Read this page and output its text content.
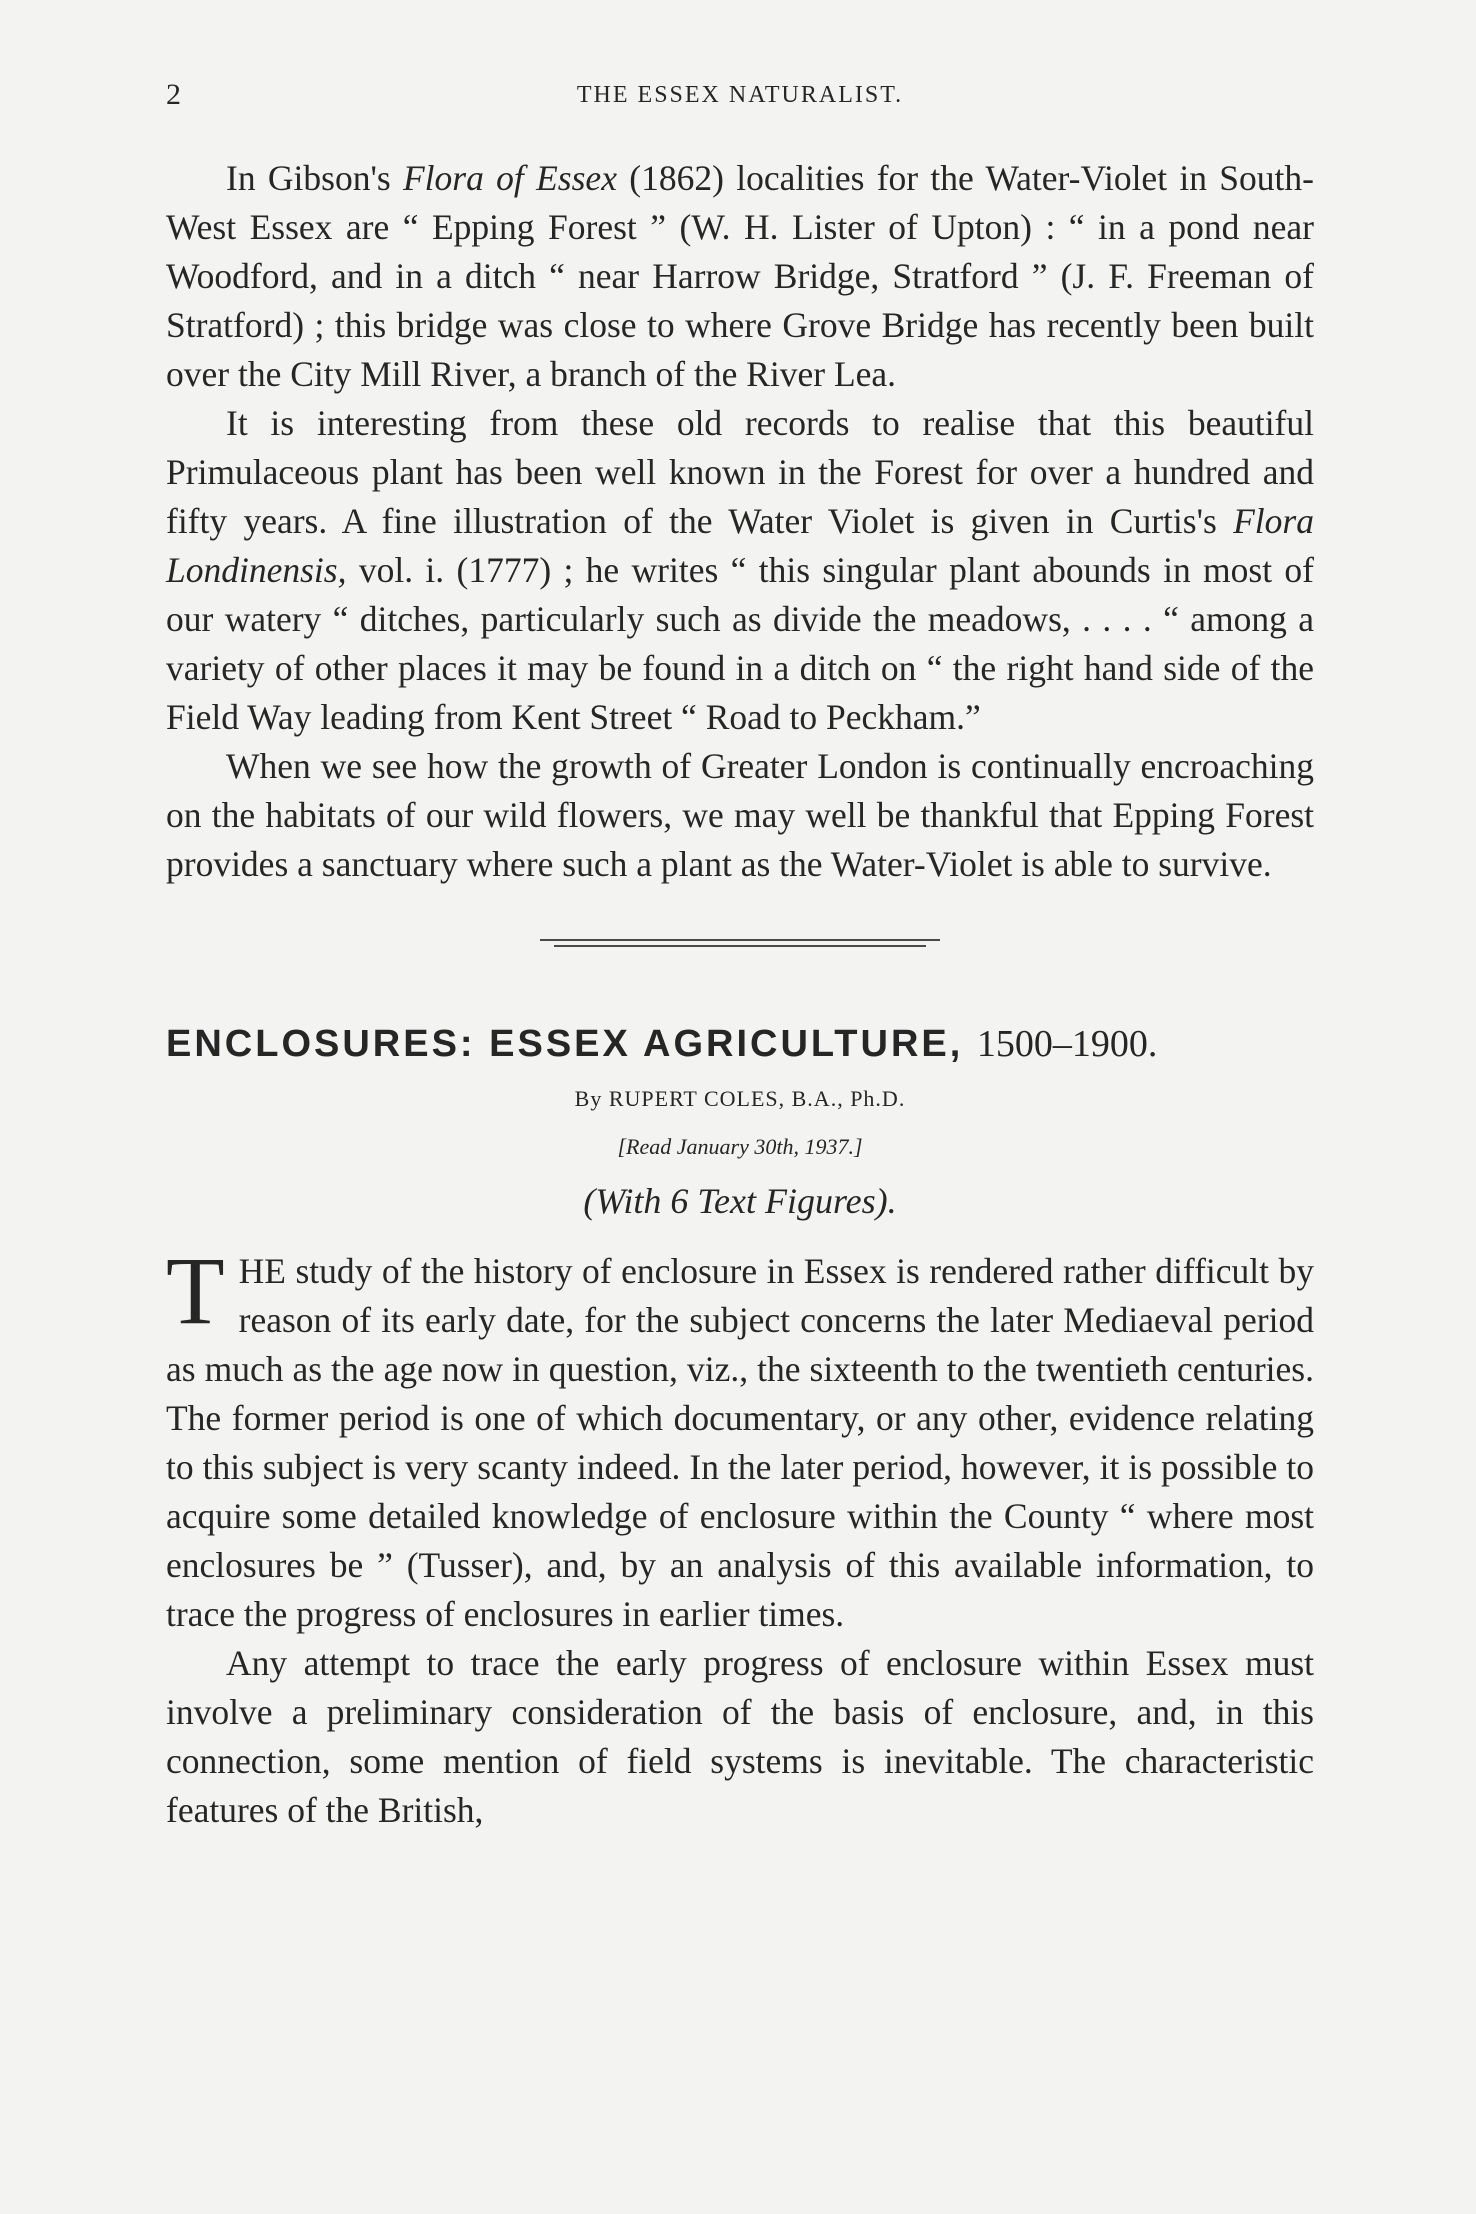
2	THE ESSEX NATURALIST.

In Gibson's Flora of Essex (1862) localities for the Water-Violet in South-West Essex are “ Epping Forest ” (W. H. Lister of Upton) : “ in a pond near Woodford, and in a ditch “ near Harrow Bridge, Stratford ” (J. F. Freeman of Stratford) ; this bridge was close to where Grove Bridge has recently been built over the City Mill River, a branch of the River Lea.

It is interesting from these old records to realise that this beautiful Primulaceous plant has been well known in the Forest for over a hundred and fifty years. A fine illustration of the Water Violet is given in Curtis's Flora Londinensis, vol. i. (1777) ; he writes “ this singular plant abounds in most of our watery “ ditches, particularly such as divide the meadows, . . . . “ among a variety of other places it may be found in a ditch on “ the right hand side of the Field Way leading from Kent Street “ Road to Peckham.”

When we see how the growth of Greater London is continually encroaching on the habitats of our wild flowers, we may well be thankful that Epping Forest provides a sanctuary where such a plant as the Water-Violet is able to survive.

ENCLOSURES: ESSEX AGRICULTURE, 1500–1900.
By RUPERT COLES, B.A., Ph.D.
[Read January 30th, 1937.]
(With 6 Text Figures).

THE study of the history of enclosure in Essex is rendered rather difficult by reason of its early date, for the subject concerns the later Mediaeval period as much as the age now in question, viz., the sixteenth to the twentieth centuries. The former period is one of which documentary, or any other, evidence relating to this subject is very scanty indeed. In the later period, however, it is possible to acquire some detailed knowledge of enclosure within the County “ where most enclosures be ” (Tusser), and, by an analysis of this available information, to trace the progress of enclosures in earlier times.

Any attempt to trace the early progress of enclosure within Essex must involve a preliminary consideration of the basis of enclosure, and, in this connection, some mention of field systems is inevitable. The characteristic features of the British,
